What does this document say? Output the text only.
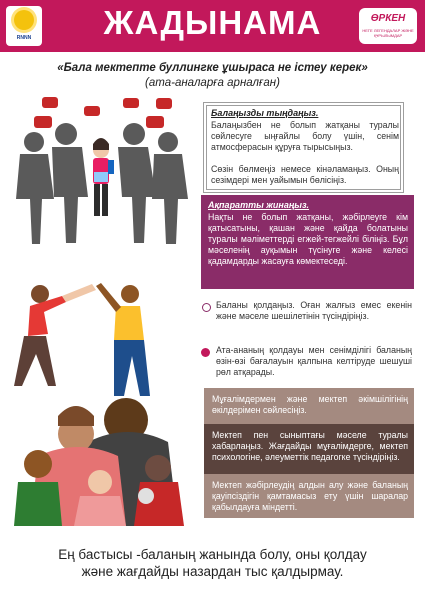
RNNN	ЖАДЫНАМА	ӨРКЕН
НЕГЕ ЛЕГЕНДАЛАР ЖӘНЕ ҚҰРЫЛЫМДАР
«Бала мектепте буллингке ұшыраса не істеу керек»
(ата-аналарға арналған)
Балаңызды тыңдаңыз.
Балаңызбен не болып жатқаны туралы сөйлесуге ыңғайлы болу үшін, сенім атмосферасын құруға тырысыңыз.
Сөзін бөлмеңіз немесе кінәламаңыз. Оның сезімдері мен уайымын бөлісіңіз.
Ақпаратты жинаңыз.
Нақты не болып жатқаны, жәбірлеуге кім қатысатыны, қашан және қайда болатыны туралы мәліметтерді егжей-тегжейлі біліңіз. Бұл мәселенің ауқымын түсінуге және келесі қадамдарды жасауға көмектеседі.
Баланы қолдаңыз. Оған жалғыз емес екенін және мәселе шешілетінін түсіндіріңіз.
Ата-ананың қолдауы мен сенімділігі баланың өзін-өзі бағалауын қалпына келтіруде шешуші рөл атқарады.
Мұғалімдермен және мектеп әкімшілігінің өкілдерімен сөйлесіңіз.
Мектеп пен сыныптағы мәселе туралы хабарлаңыз. Жағдайды мұғалімдерге, мектеп психологіне, әлеуметтік педагогке түсіндіріңіз.
Мектеп жәбірлеудің алдын алу және баланың қауіпсіздігін қамтамасыз ету үшін шаралар қабылдауға міндетті.
Ең бастысы -баланың жанында болу, оны қолдау
және жағдайды назардан тыс қалдырмау.
